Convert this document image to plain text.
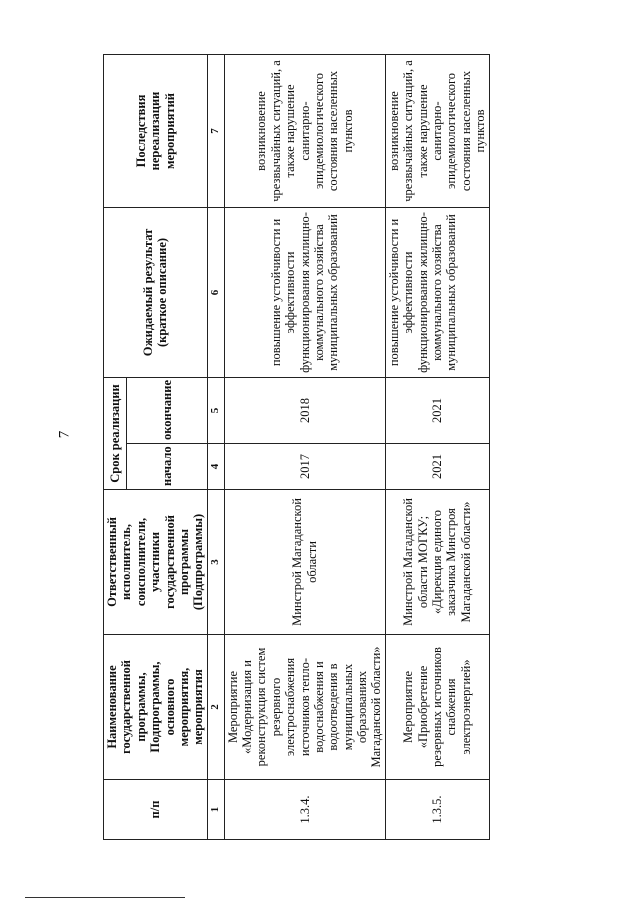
7
п/п	Наименование государственной программы, Подпрограммы, основного мероприятия, мероприятия	Ответственный исполнитель, соисполнители, участники государственной программы (Подпрограммы)	Срок реализации		Ожидаемый результат (краткое описание)	Последствия нереализации мероприятий
			начало	окончание		
1	2	3	4	5	6	7
1.3.4.	Мероприятие «Модернизация и реконструкция систем резервного электроснабжения источников тепло-водоснабжения и водоотведения в муниципальных образованиях Магаданской области»	Минстрой Магаданской области	2017	2018	повышение устойчивости и эффективности функционирования жилищно-коммунального хозяйства муниципальных образований	возникновение чрезвычайных ситуаций, а также нарушение санитарно-эпидемиологического состояния населенных пунктов
1.3.5.	Мероприятие «Приобретение резервных источников снабжения электроэнергией»	Минстрой Магаданской области МОГКУ; «Дирекция единого заказчика Минстроя Магаданской области»	2021	2021	повышение устойчивости и эффективности функционирования жилищно-коммунального хозяйства муниципальных образований	возникновение чрезвычайных ситуаций, а также нарушение санитарно-эпидемиологического состояния населенных пунктов
